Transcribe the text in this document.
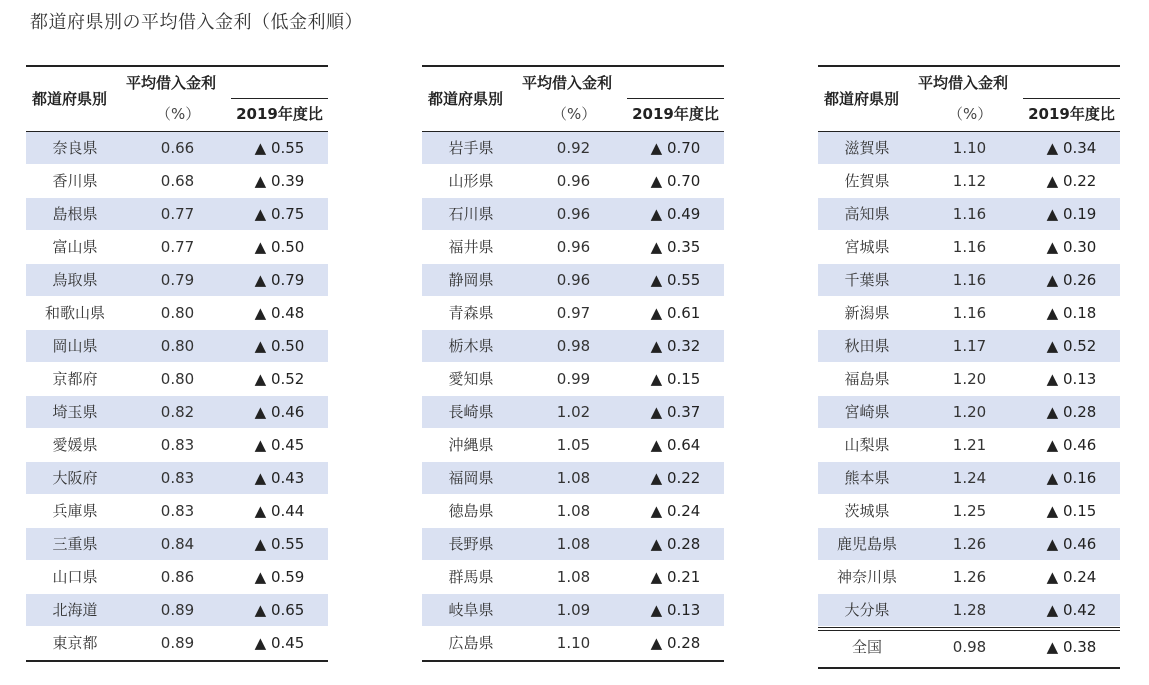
都道府県別の平均借入金利（低金利順）
都道府県別
平均借入金利
（%）	2019年度比
奈良県	0.66	▲ 0.55
香川県	0.68	▲ 0.39
島根県	0.77	▲ 0.75
富山県	0.77	▲ 0.50
鳥取県	0.79	▲ 0.79
和歌山県	0.80	▲ 0.48
岡山県	0.80	▲ 0.50
京都府	0.80	▲ 0.52
埼玉県	0.82	▲ 0.46
愛媛県	0.83	▲ 0.45
大阪府	0.83	▲ 0.43
兵庫県	0.83	▲ 0.44
三重県	0.84	▲ 0.55
山口県	0.86	▲ 0.59
北海道	0.89	▲ 0.65
東京都	0.89	▲ 0.45
都道府県別
平均借入金利
（%）	2019年度比
岩手県	0.92	▲ 0.70
山形県	0.96	▲ 0.70
石川県	0.96	▲ 0.49
福井県	0.96	▲ 0.35
静岡県	0.96	▲ 0.55
青森県	0.97	▲ 0.61
栃木県	0.98	▲ 0.32
愛知県	0.99	▲ 0.15
長崎県	1.02	▲ 0.37
沖縄県	1.05	▲ 0.64
福岡県	1.08	▲ 0.22
徳島県	1.08	▲ 0.24
長野県	1.08	▲ 0.28
群馬県	1.08	▲ 0.21
岐阜県	1.09	▲ 0.13
広島県	1.10	▲ 0.28
都道府県別
平均借入金利
（%）	2019年度比
滋賀県	1.10	▲ 0.34
佐賀県	1.12	▲ 0.22
高知県	1.16	▲ 0.19
宮城県	1.16	▲ 0.30
千葉県	1.16	▲ 0.26
新潟県	1.16	▲ 0.18
秋田県	1.17	▲ 0.52
福島県	1.20	▲ 0.13
宮崎県	1.20	▲ 0.28
山梨県	1.21	▲ 0.46
熊本県	1.24	▲ 0.16
茨城県	1.25	▲ 0.15
鹿児島県	1.26	▲ 0.46
神奈川県	1.26	▲ 0.24
大分県	1.28	▲ 0.42
全国	0.98	▲ 0.38
